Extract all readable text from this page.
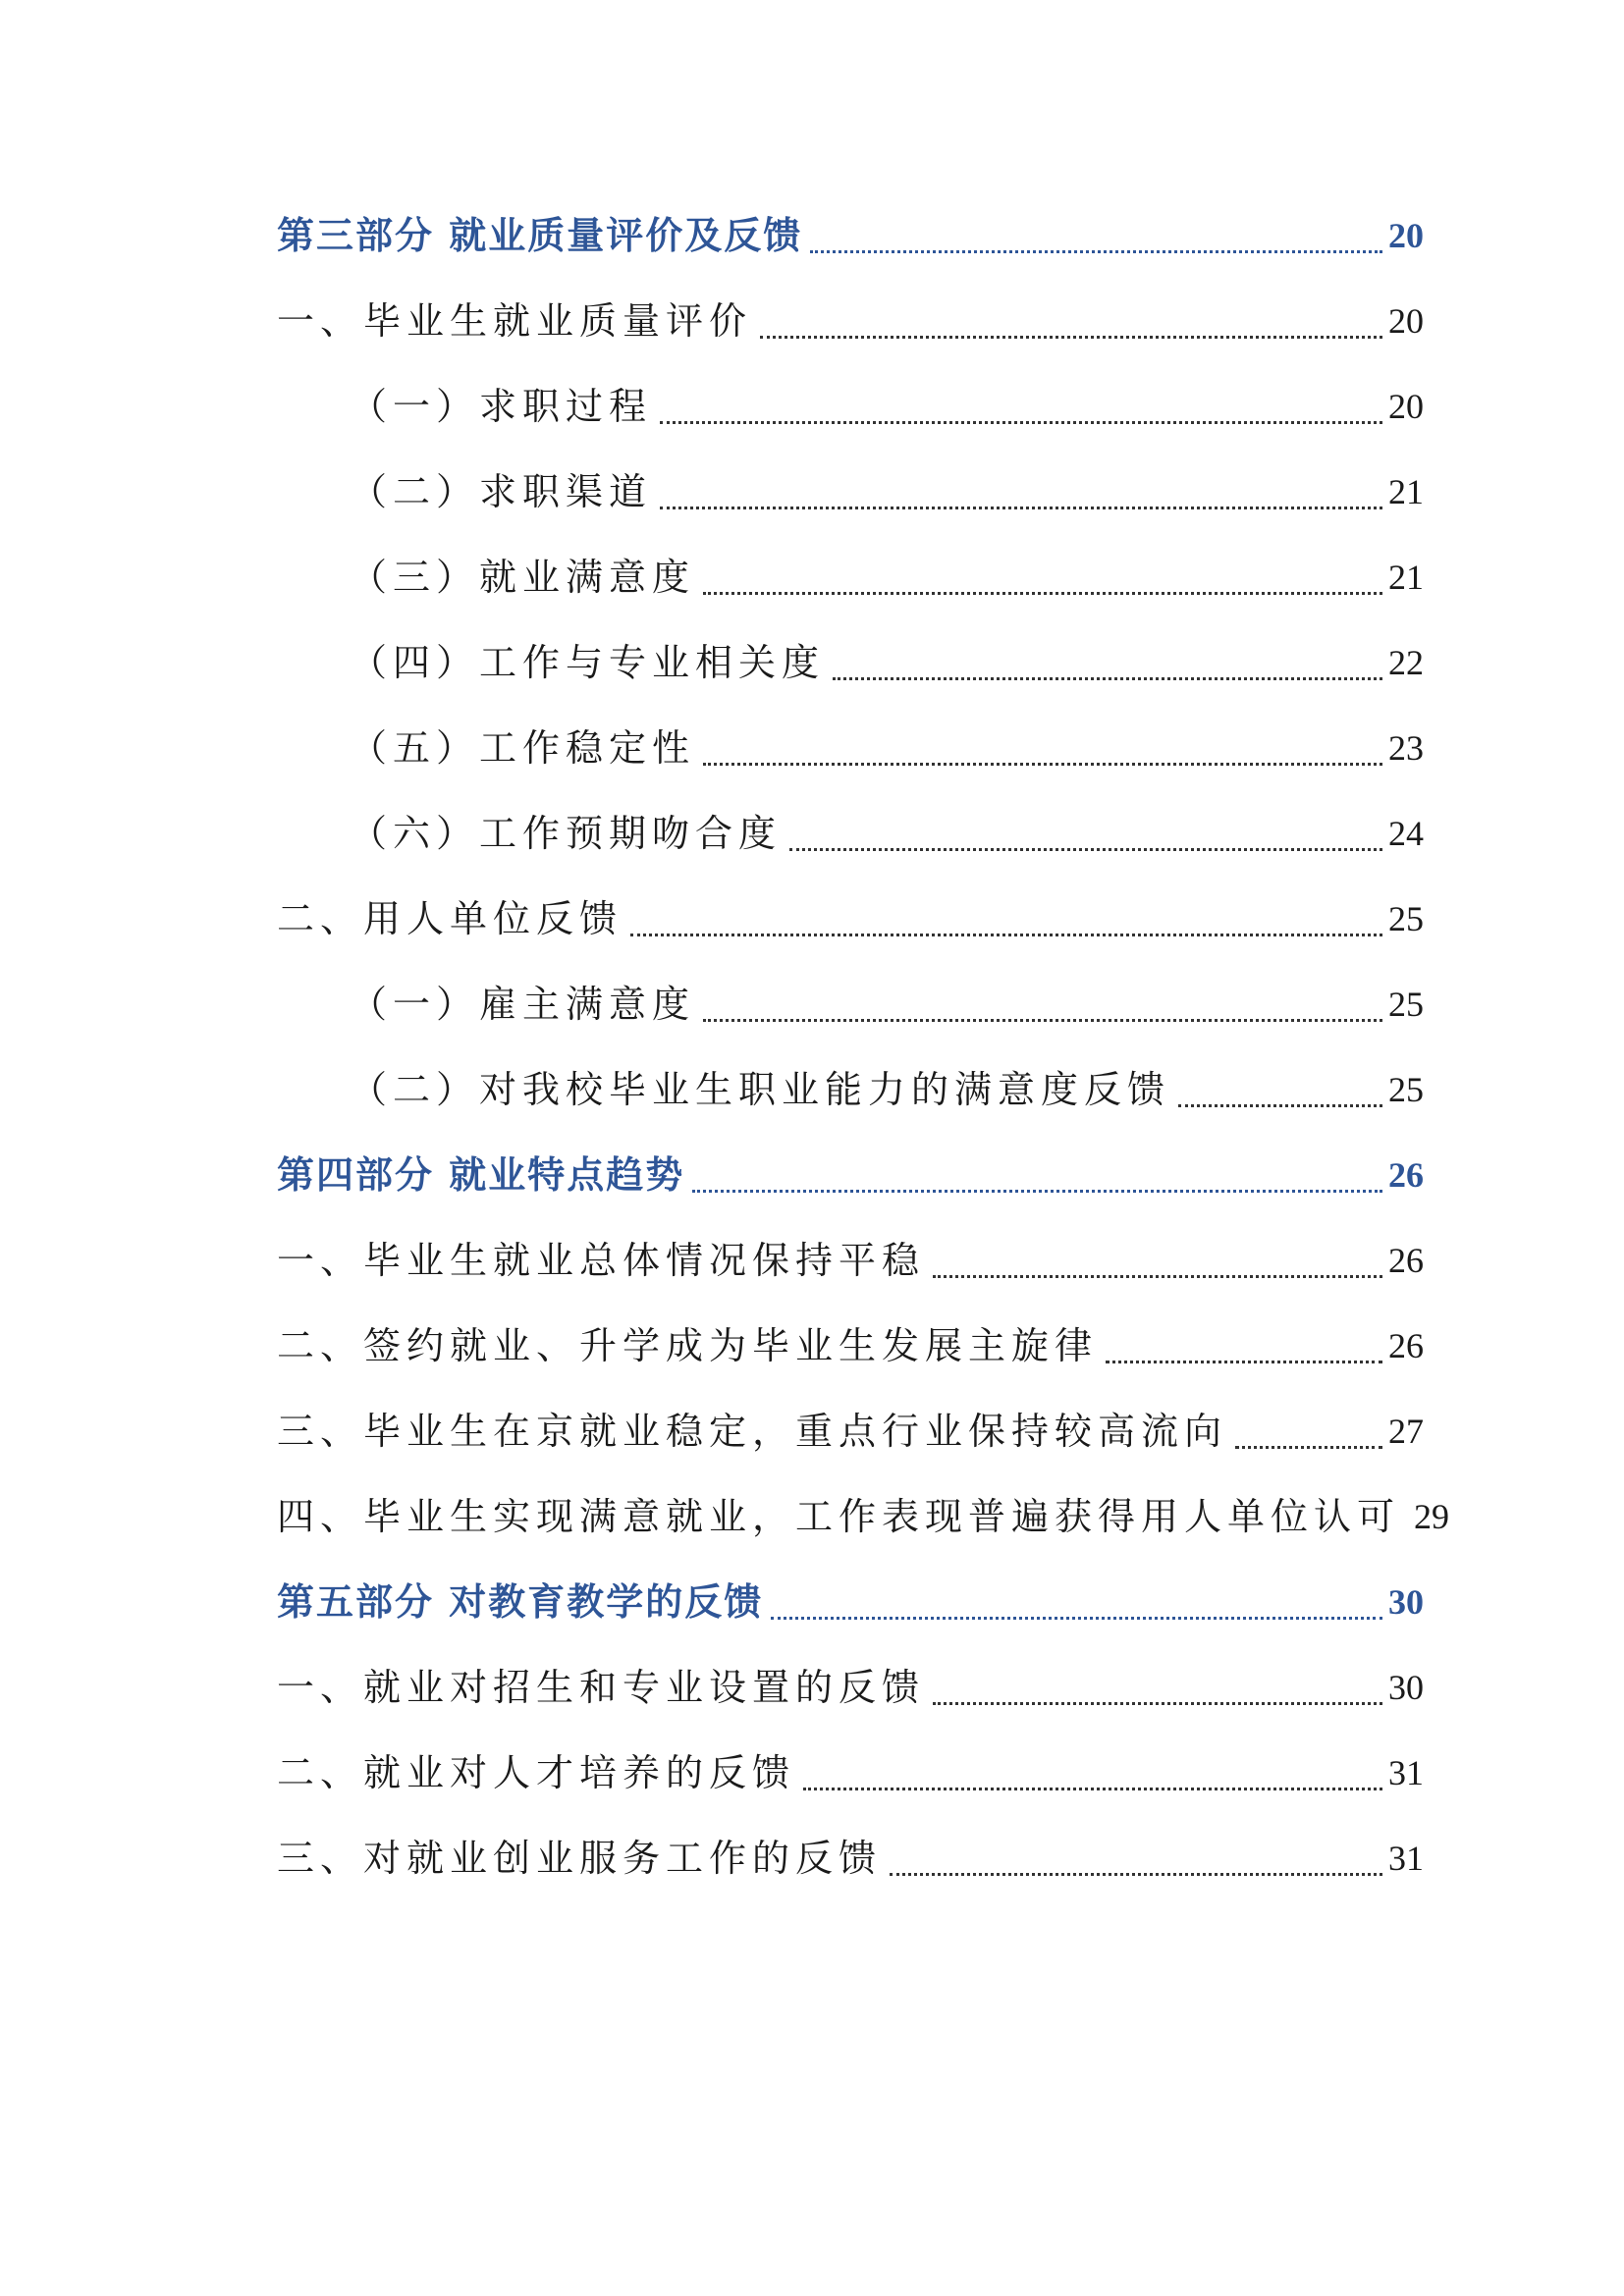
第三部分 就业质量评价及反馈	20
一、毕业生就业质量评价	20
（一）求职过程	20
（二）求职渠道	21
（三）就业满意度	21
（四）工作与专业相关度	22
（五）工作稳定性	23
（六）工作预期吻合度	24
二、用人单位反馈	25
（一）雇主满意度	25
（二）对我校毕业生职业能力的满意度反馈	25
第四部分 就业特点趋势	26
一、毕业生就业总体情况保持平稳	26
二、签约就业、升学成为毕业生发展主旋律	26
三、毕业生在京就业稳定，重点行业保持较高流向	27
四、毕业生实现满意就业，工作表现普遍获得用人单位认可 29
第五部分 对教育教学的反馈	30
一、就业对招生和专业设置的反馈	30
二、就业对人才培养的反馈	31
三、对就业创业服务工作的反馈	31
